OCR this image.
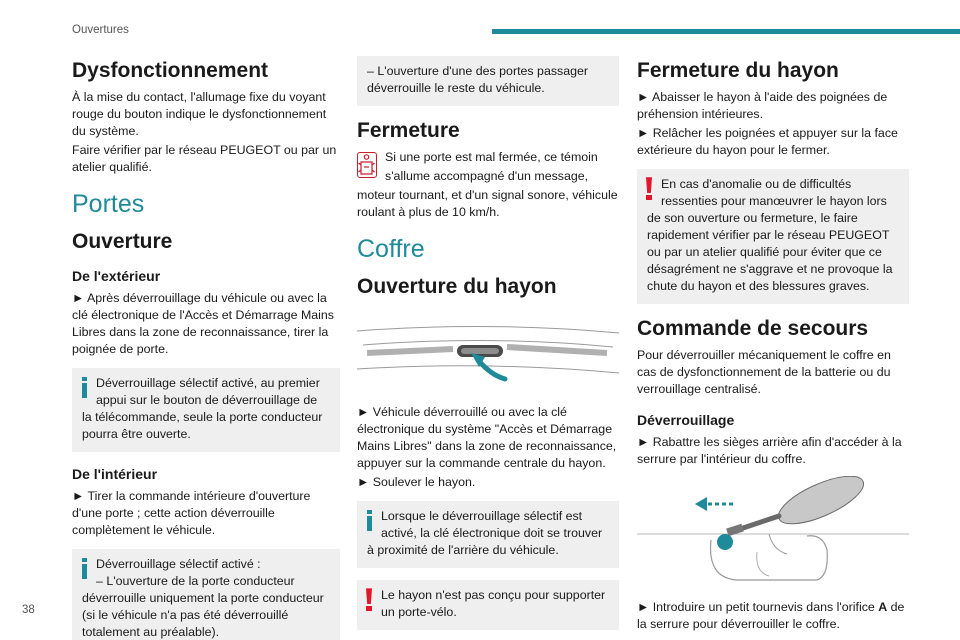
Ouvertures
38
Dysfonctionnement
À la mise du contact, l'allumage fixe du voyant rouge du bouton indique le dysfonctionnement du système.
Faire vérifier par le réseau PEUGEOT ou par un atelier qualifié.
Portes
Ouverture
De l'extérieur
► Après déverrouillage du véhicule ou avec la clé électronique de l'Accès et Démarrage Mains Libres dans la zone de reconnaissance, tirer la poignée de porte.
Déverrouillage sélectif activé, au premier appui sur le bouton de déverrouillage de
la télécommande, seule la porte conducteur pourra être ouverte.
De l'intérieur
► Tirer la commande intérieure d'ouverture d'une porte ; cette action déverrouille complètement le véhicule.
Déverrouillage sélectif activé :
– L'ouverture de la porte conducteur
déverrouille uniquement la porte conducteur (si le véhicule n'a pas été déverrouillé totalement au préalable).
– L'ouverture d'une des portes passager déverrouille le reste du véhicule.
Fermeture
Si une porte est mal fermée, ce témoin
s'allume accompagné d'un message,
moteur tournant, et d'un signal sonore, véhicule roulant à plus de 10 km/h.
Coffre
Ouverture du hayon
► Véhicule déverrouillé ou avec la clé électronique du système "Accès et Démarrage Mains Libres" dans la zone de reconnaissance, appuyer sur la commande centrale du hayon.
► Soulever le hayon.
Lorsque le déverrouillage sélectif est activé, la clé électronique doit se trouver
à proximité de l'arrière du véhicule.
Le hayon n'est pas conçu pour supporter
un porte-vélo.
Fermeture du hayon
► Abaisser le hayon à l'aide des poignées de préhension intérieures.
► Relâcher les poignées et appuyer sur la face extérieure du hayon pour le fermer.
En cas d'anomalie ou de difficultés ressenties pour manœuvrer le hayon lors
de son ouverture ou fermeture, le faire rapidement vérifier par le réseau PEUGEOT ou par un atelier qualifié pour éviter que ce désagrément ne s'aggrave et ne provoque la chute du hayon et des blessures graves.
Commande de secours
Pour déverrouiller mécaniquement le coffre en cas de dysfonctionnement de la batterie ou du verrouillage centralisé.
Déverrouillage
► Rabattre les sièges arrière afin d'accéder à la serrure par l'intérieur du coffre.
A
► Introduire un petit tournevis dans l'orifice A de la serrure pour déverrouiller le coffre.
